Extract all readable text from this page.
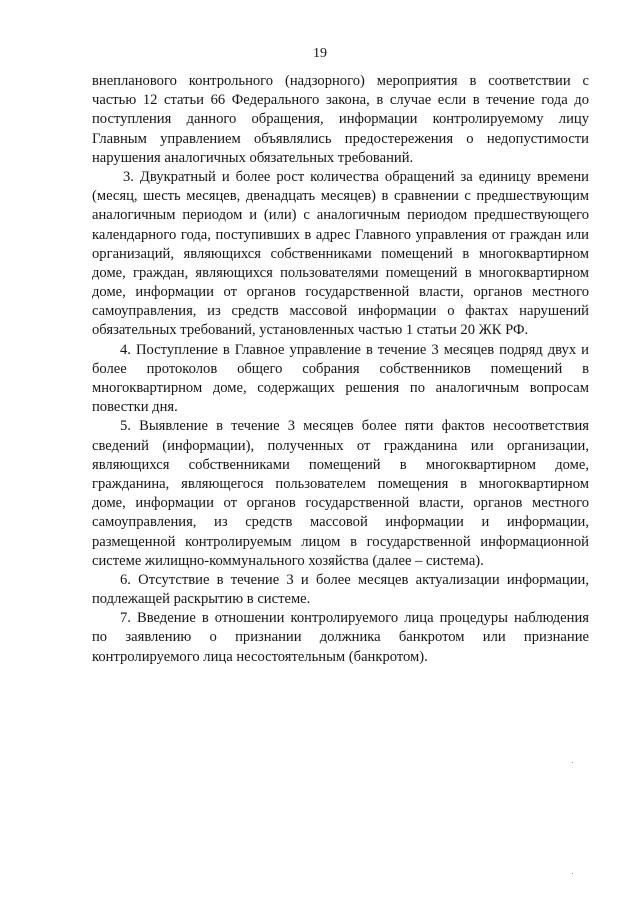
19
внепланового контрольного (надзорного) мероприятия в соответствии с
частью 12 статьи 66 Федерального закона, в случае если в течение года до
поступления данного обращения, информации контролируемому лицу
Главным управлением объявлялись предостережения о недопустимости
нарушения аналогичных обязательных требований.
3. Двукратный и более рост количества обращений за единицу времени
(месяц, шесть месяцев, двенадцать месяцев) в сравнении с предшествующим
аналогичным периодом и (или) с аналогичным периодом предшествующего
календарного года, поступивших в адрес Главного управления от граждан или
организаций, являющихся собственниками помещений в многоквартирном
доме, граждан, являющихся пользователями помещений в многоквартирном
доме, информации от органов государственной власти, органов местного
самоуправления, из средств массовой информации о фактах нарушений
обязательных требований, установленных частью 1 статьи 20 ЖК РФ.
4. Поступление в Главное управление в течение 3 месяцев подряд двух и
более протоколов общего собрания собственников помещений в
многоквартирном доме, содержащих решения по аналогичным вопросам
повестки дня.
5. Выявление в течение 3 месяцев более пяти фактов несоответствия
сведений (информации), полученных от гражданина или организации,
являющихся собственниками помещений в многоквартирном доме,
гражданина, являющегося пользователем помещения в многоквартирном
доме, информации от органов государственной власти, органов местного
самоуправления, из средств массовой информации и информации,
размещенной контролируемым лицом в государственной информационной
системе жилищно-коммунального хозяйства (далее – система).
6. Отсутствие в течение 3 и более месяцев актуализации информации,
подлежащей раскрытию в системе.
7. Введение в отношении контролируемого лица процедуры наблюдения
по заявлению о признании должника банкротом или признание
контролируемого лица несостоятельным (банкротом).
